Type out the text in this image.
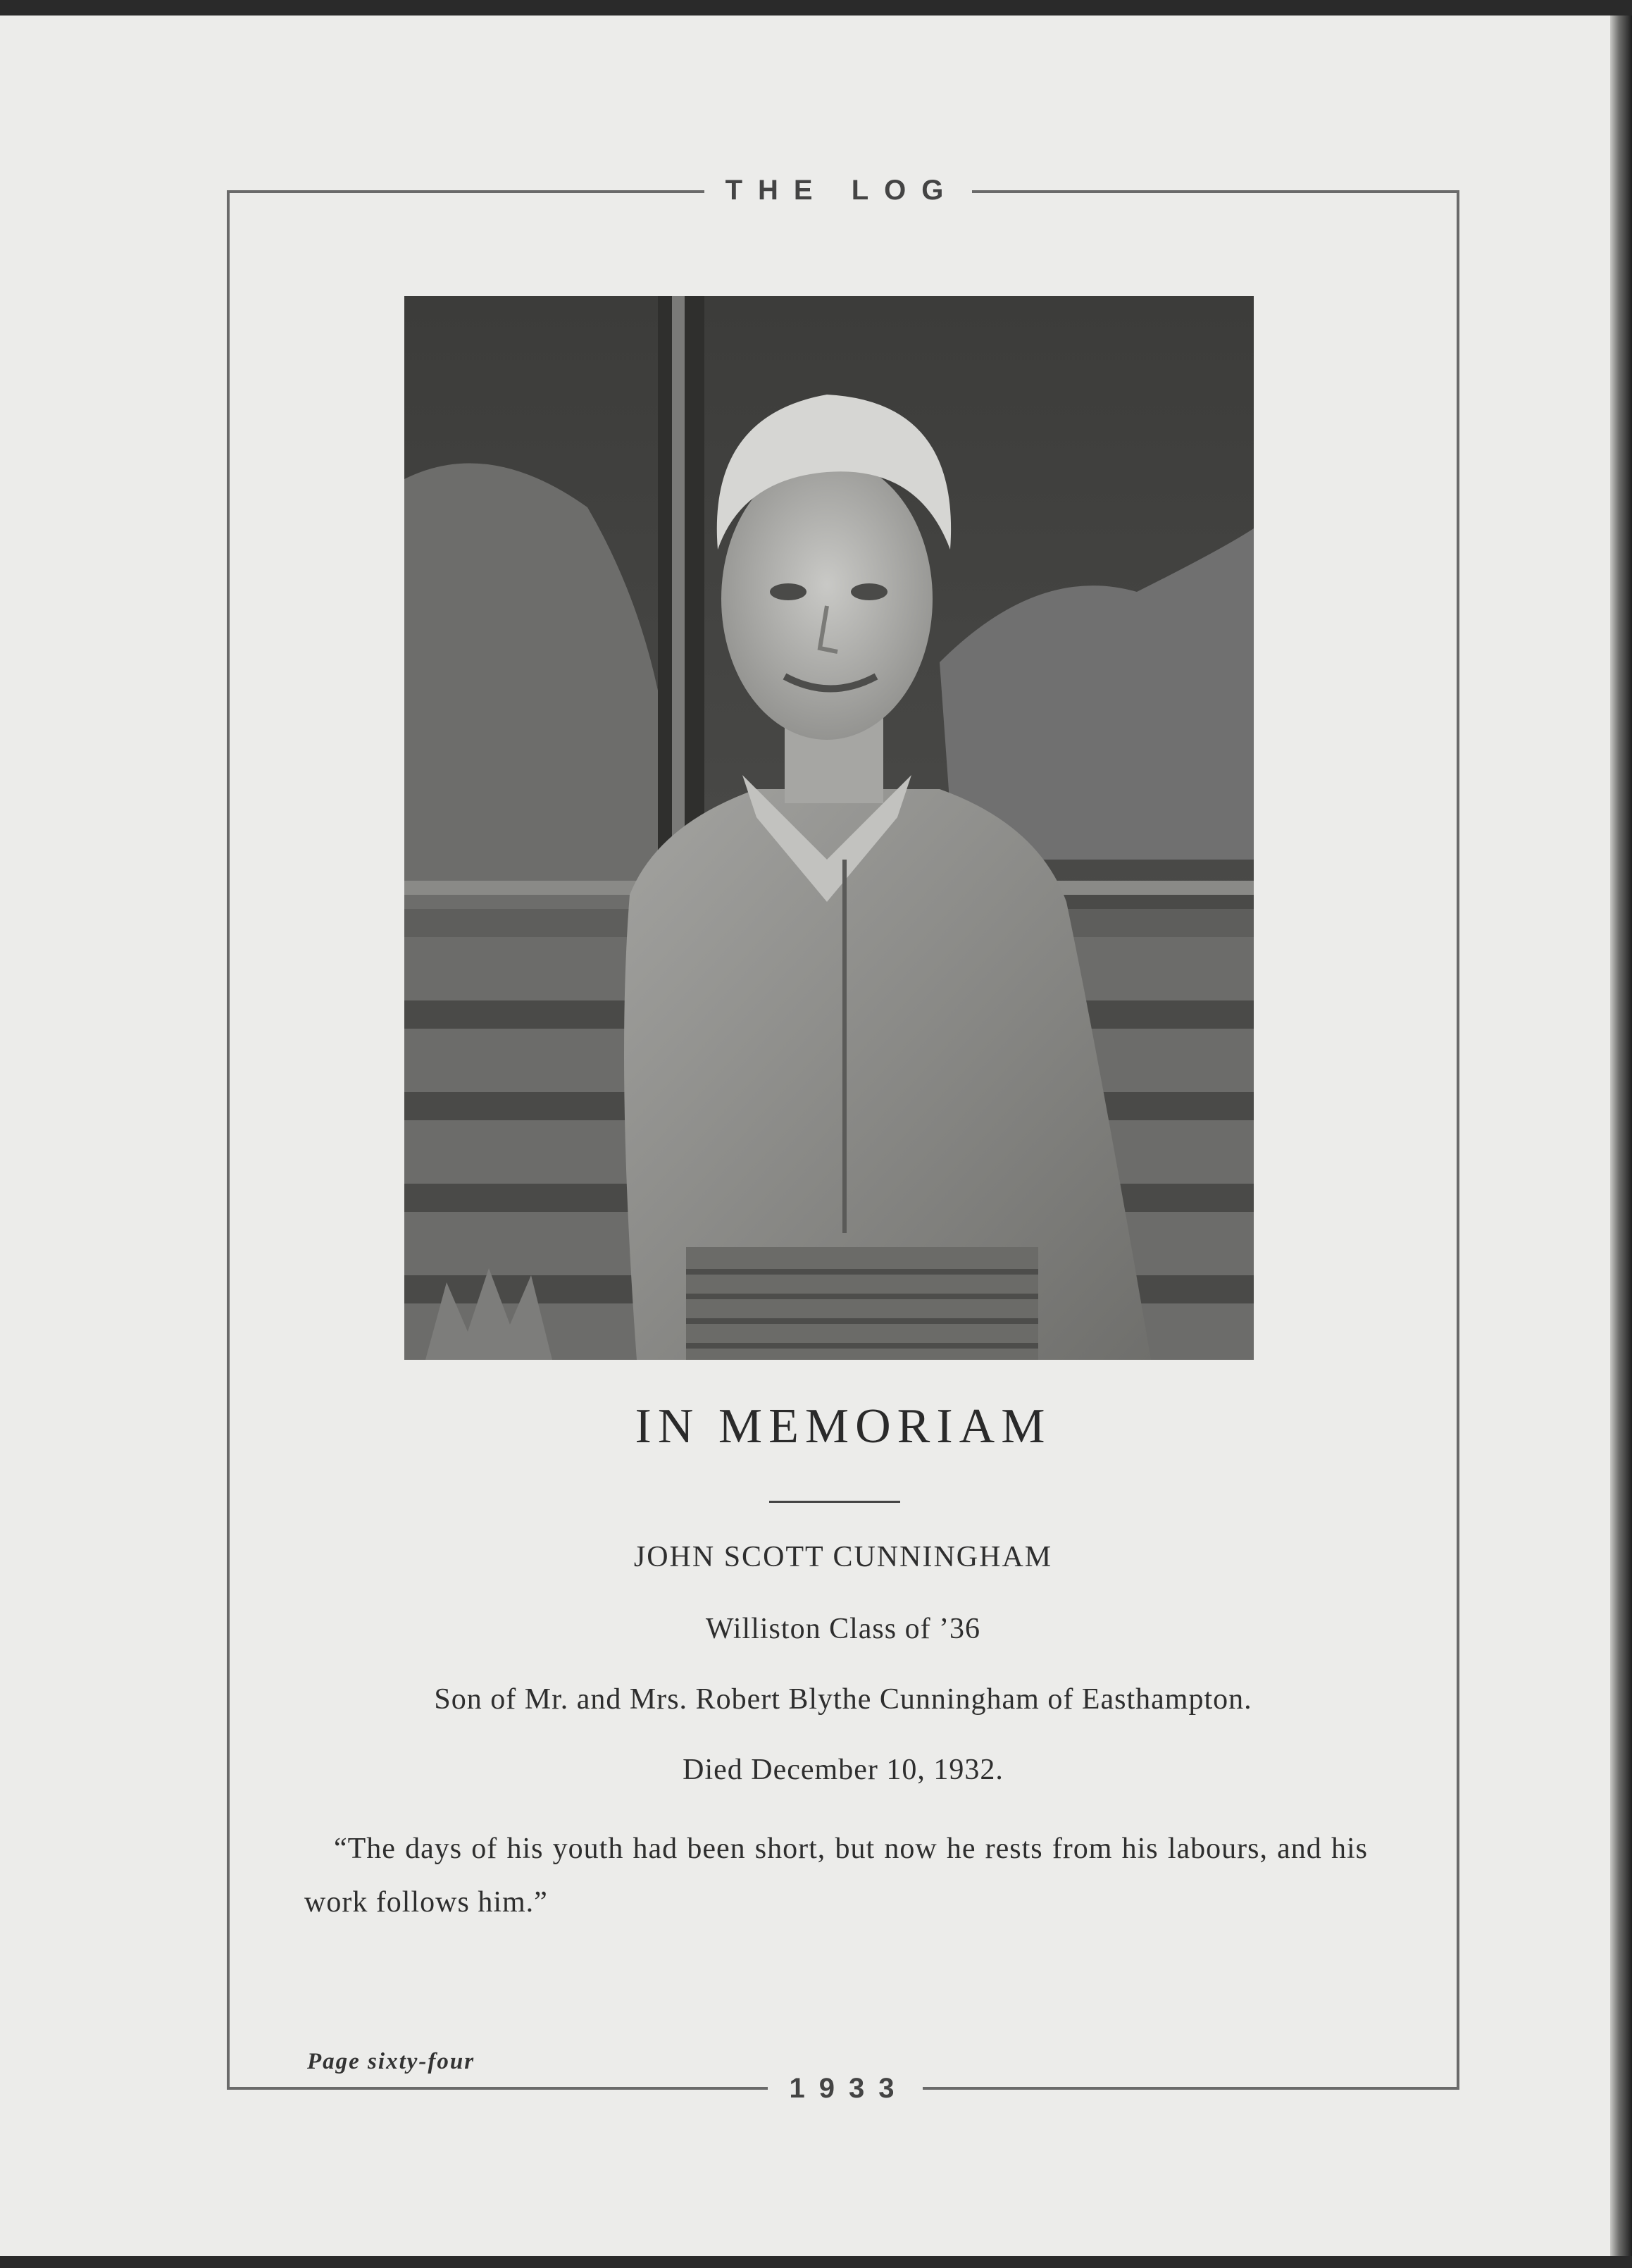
THE LOG
1933
IN MEMORIAM
JOHN SCOTT CUNNINGHAM
Williston Class of ’36
Son of Mr. and Mrs. Robert Blythe Cunningham of Easthampton.
Died December 10, 1932.
“The days of his youth had been short, but now he rests from his labours, and his work follows him.”
Page sixty-four
